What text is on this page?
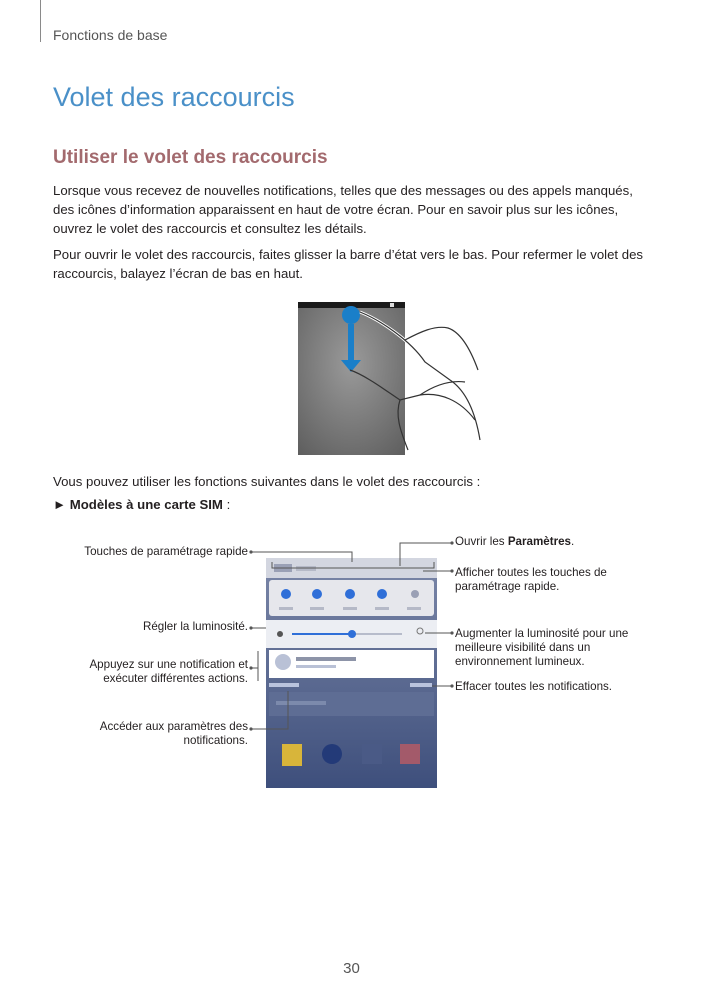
Fonctions de base
Volet des raccourcis
Utiliser le volet des raccourcis

Lorsque vous recevez de nouvelles notifications, telles que des messages ou des appels manqués, des icônes d’information apparaissent en haut de votre écran. Pour en savoir plus sur les icônes, ouvrez le volet des raccourcis et consultez les détails.

Pour ouvrir le volet des raccourcis, faites glisser la barre d’état vers le bas. Pour refermer le volet des raccourcis, balayez l’écran de bas en haut.

Vous pouvez utiliser les fonctions suivantes dans le volet des raccourcis :

► Modèles à une carte SIM :
Touches de paramétrage rapide
Régler la luminosité.
Appuyez sur une notification et exécuter différentes actions.
Accéder aux paramètres des notifications.
Ouvrir les Paramètres.
Afficher toutes les touches de paramétrage rapide.
Augmenter la luminosité pour une meilleure visibilité dans un environnement lumineux.
Effacer toutes les notifications.
30
